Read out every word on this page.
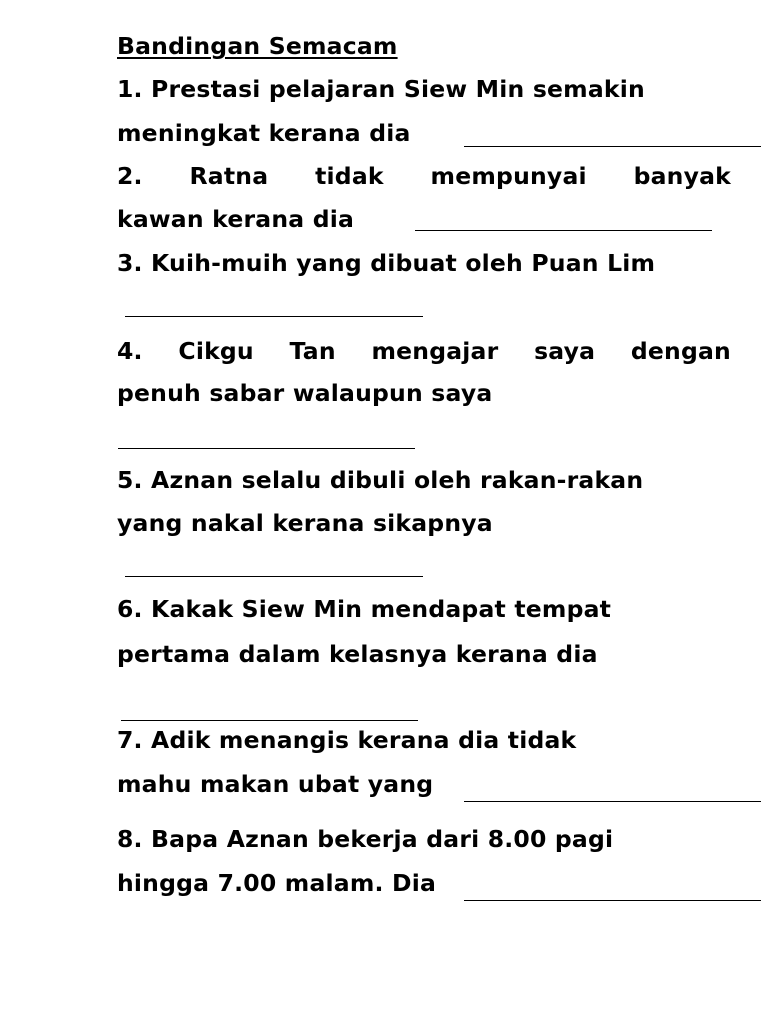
Bandingan Semacam
1. Prestasi pelajaran Siew Min semakin
meningkat kerana dia
2. Ratna tidak mempunyai banyak
kawan kerana dia
3. Kuih-muih yang dibuat oleh Puan Lim
4. Cikgu Tan mengajar saya dengan
penuh sabar walaupun saya
5. Aznan selalu dibuli oleh rakan-rakan
yang nakal kerana sikapnya
6. Kakak Siew Min mendapat tempat
pertama dalam kelasnya kerana dia
7. Adik menangis kerana dia tidak
mahu makan ubat yang
8. Bapa Aznan bekerja dari 8.00 pagi
hingga 7.00 malam. Dia
